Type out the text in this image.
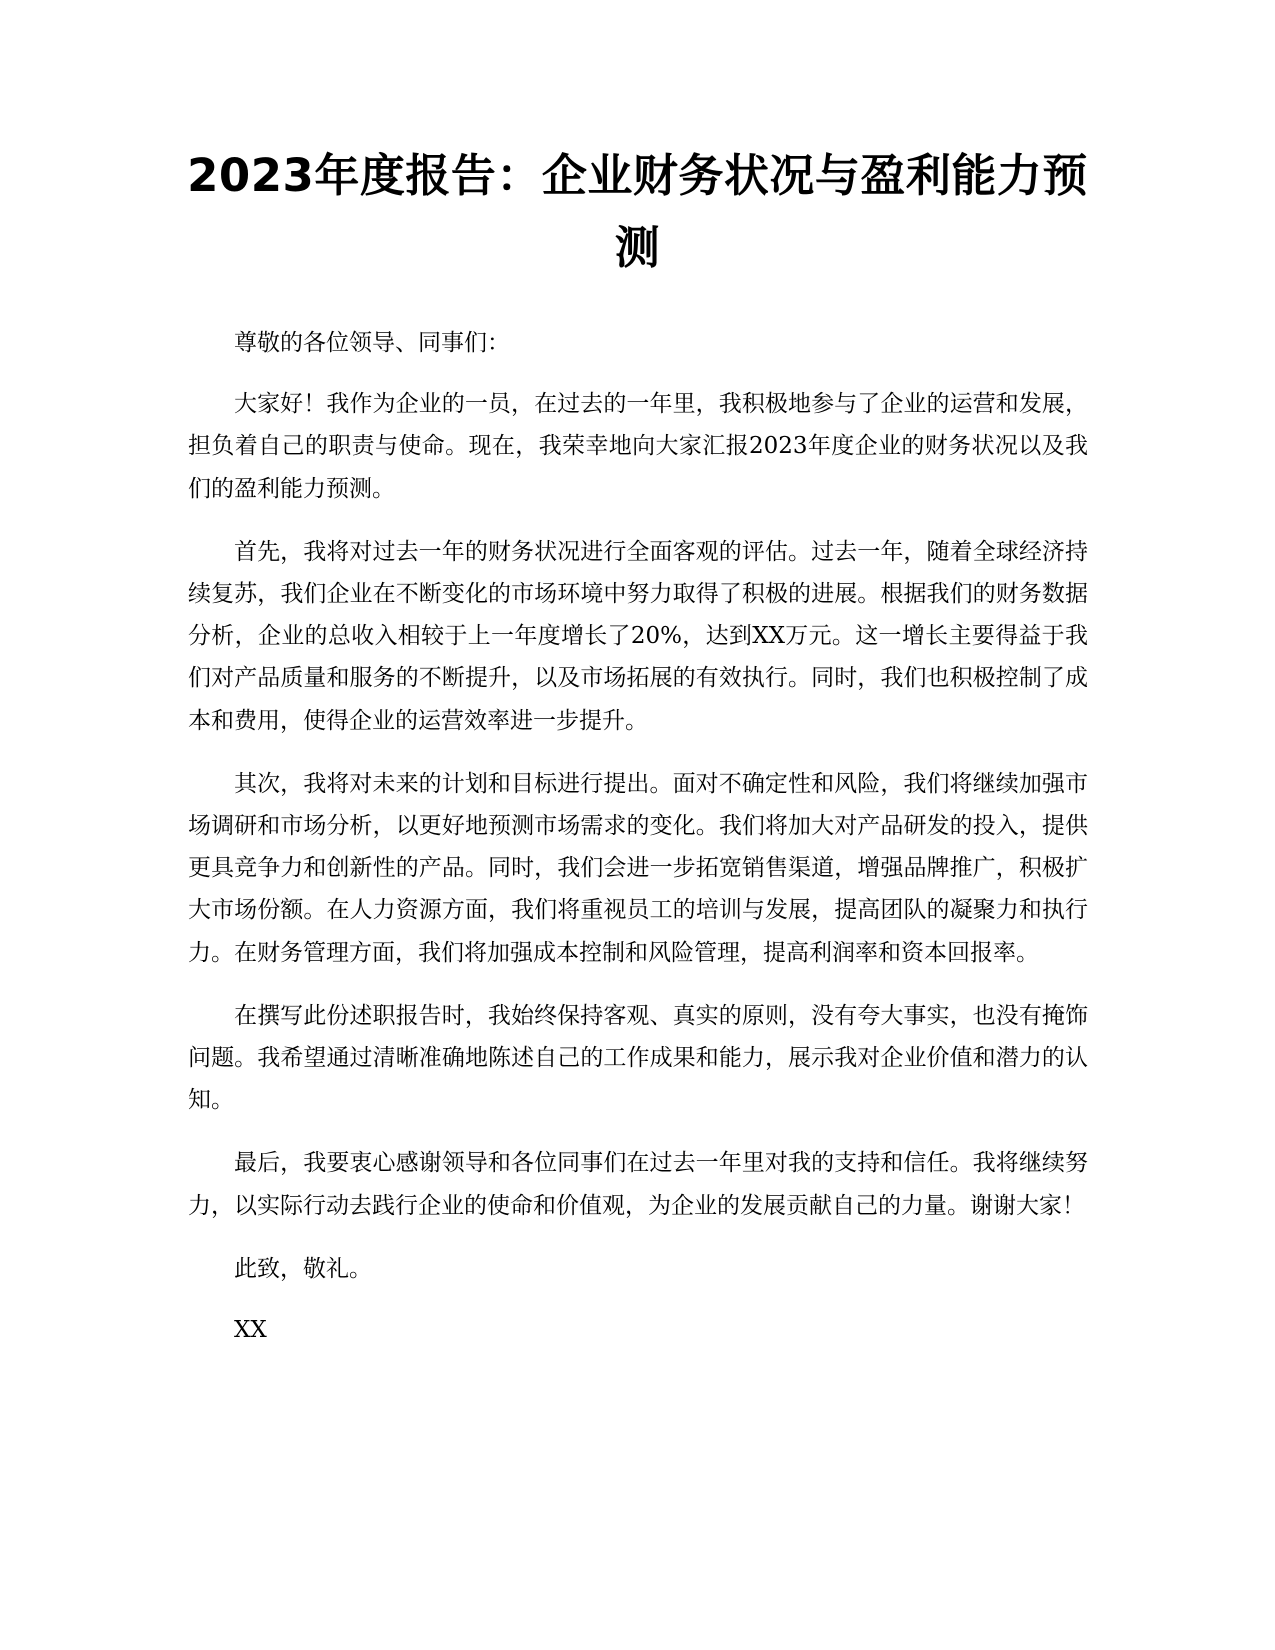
2023年度报告：企业财务状况与盈利能力预测

尊敬的各位领导、同事们：

大家好！我作为企业的一员，在过去的一年里，我积极地参与了企业的运营和发展，担负着自己的职责与使命。现在，我荣幸地向大家汇报2023年度企业的财务状况以及我们的盈利能力预测。

首先，我将对过去一年的财务状况进行全面客观的评估。过去一年，随着全球经济持续复苏，我们企业在不断变化的市场环境中努力取得了积极的进展。根据我们的财务数据分析，企业的总收入相较于上一年度增长了20%，达到XX万元。这一增长主要得益于我们对产品质量和服务的不断提升，以及市场拓展的有效执行。同时，我们也积极控制了成本和费用，使得企业的运营效率进一步提升。

其次，我将对未来的计划和目标进行提出。面对不确定性和风险，我们将继续加强市场调研和市场分析，以更好地预测市场需求的变化。我们将加大对产品研发的投入，提供更具竞争力和创新性的产品。同时，我们会进一步拓宽销售渠道，增强品牌推广，积极扩大市场份额。在人力资源方面，我们将重视员工的培训与发展，提高团队的凝聚力和执行力。在财务管理方面，我们将加强成本控制和风险管理，提高利润率和资本回报率。

在撰写此份述职报告时，我始终保持客观、真实的原则，没有夸大事实，也没有掩饰问题。我希望通过清晰准确地陈述自己的工作成果和能力，展示我对企业价值和潜力的认知。

最后，我要衷心感谢领导和各位同事们在过去一年里对我的支持和信任。我将继续努力，以实际行动去践行企业的使命和价值观，为企业的发展贡献自己的力量。谢谢大家！

此致，敬礼。

XX
